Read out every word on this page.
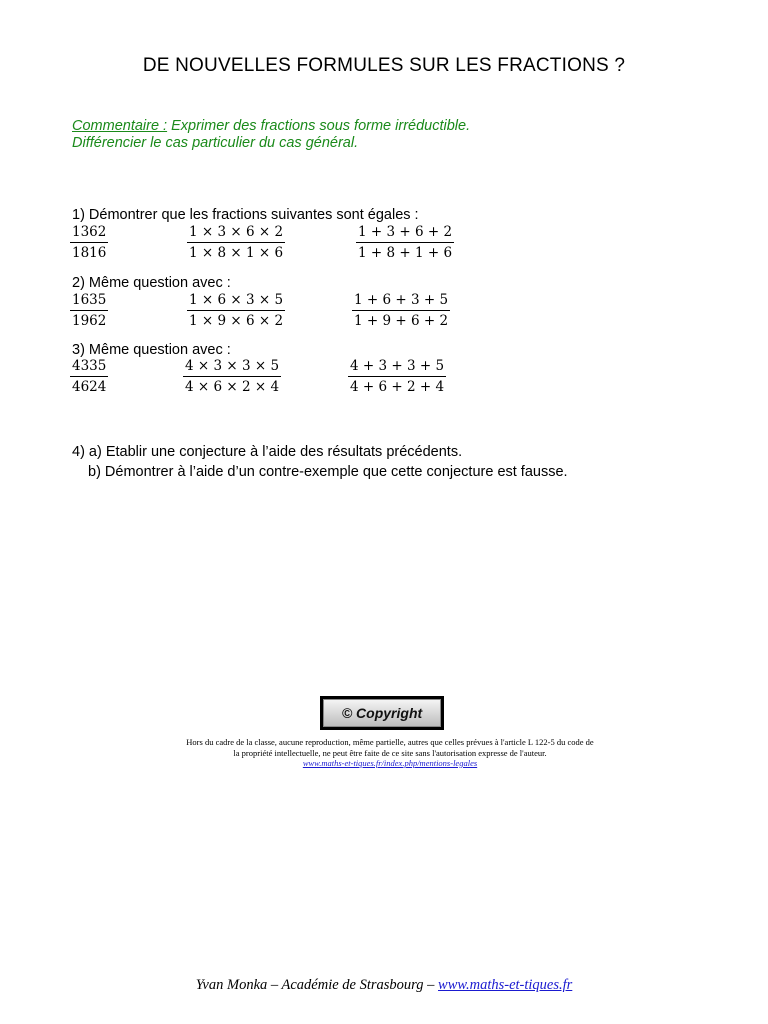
DE NOUVELLES FORMULES SUR LES FRACTIONS ?
Commentaire : Exprimer des fractions sous forme irréductible.
Différencier le cas particulier du cas général.
1) Démontrer que les fractions suivantes sont égales :
1362
1816
1 × 3 × 6 × 2
1 × 8 × 1 × 6
1 + 3 + 6 + 2
1 + 8 + 1 + 6
2) Même question avec :
1635
1962
1 × 6 × 3 × 5
1 × 9 × 6 × 2
1 + 6 + 3 + 5
1 + 9 + 6 + 2
3) Même question avec :
4335
4624
4 × 3 × 3 × 5
4 × 6 × 2 × 4
4 + 3 + 3 + 5
4 + 6 + 2 + 4
4) a) Etablir une conjecture à l’aide des résultats précédents.
b) Démontrer à l’aide d’un contre-exemple que cette conjecture est fausse.
© Copyright
Hors du cadre de la classe, aucune reproduction, même partielle, autres que celles prévues à l'article L 122-5 du code de
la propriété intellectuelle, ne peut être faite de ce site sans l'autorisation expresse de l'auteur.
www.maths-et-tiques.fr/index.php/mentions-legales
Yvan Monka – Académie de Strasbourg – www.maths-et-tiques.fr
